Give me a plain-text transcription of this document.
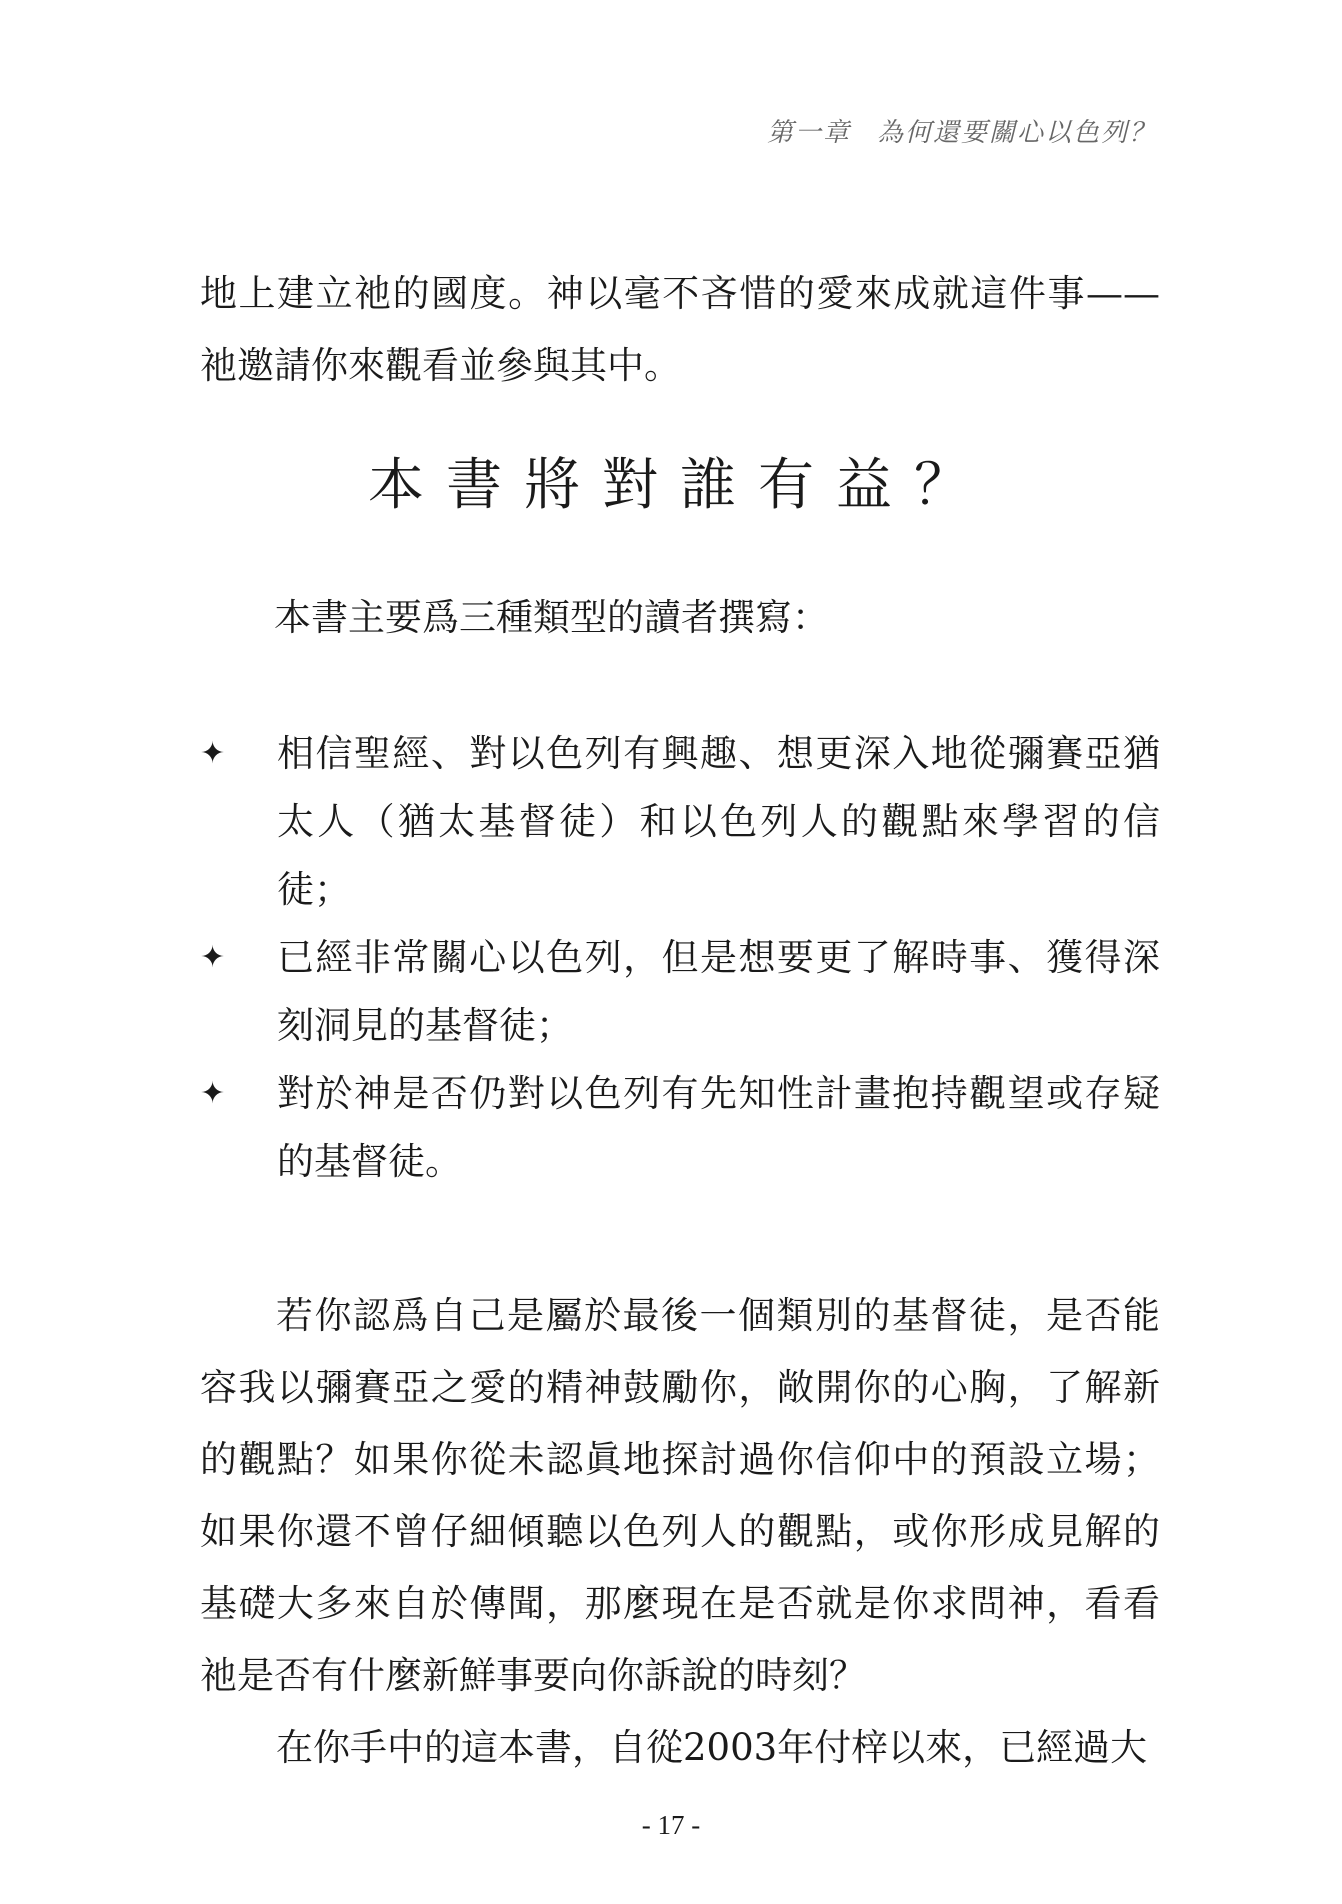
第一章 為何還要關心以色列？

地上建立祂的國度。神以毫不吝惜的愛來成就這件事——祂邀請你來觀看並參與其中。

本書將對誰有益？

本書主要爲三種類型的讀者撰寫：

✦ 相信聖經、對以色列有興趣、想更深入地從彌賽亞猶太人（猶太基督徒）和以色列人的觀點來學習的信徒；
✦ 已經非常關心以色列，但是想要更了解時事、獲得深刻洞見的基督徒；
✦ 對於神是否仍對以色列有先知性計畫抱持觀望或存疑的基督徒。

若你認爲自己是屬於最後一個類別的基督徒，是否能容我以彌賽亞之愛的精神鼓勵你，敞開你的心胸，了解新的觀點？如果你從未認眞地探討過你信仰中的預設立場；如果你還不曾仔細傾聽以色列人的觀點，或你形成見解的基礎大多來自於傳聞，那麼現在是否就是你求問神，看看祂是否有什麼新鮮事要向你訴說的時刻？

在你手中的這本書，自從2003年付梓以來，已經過大

- 17 -
